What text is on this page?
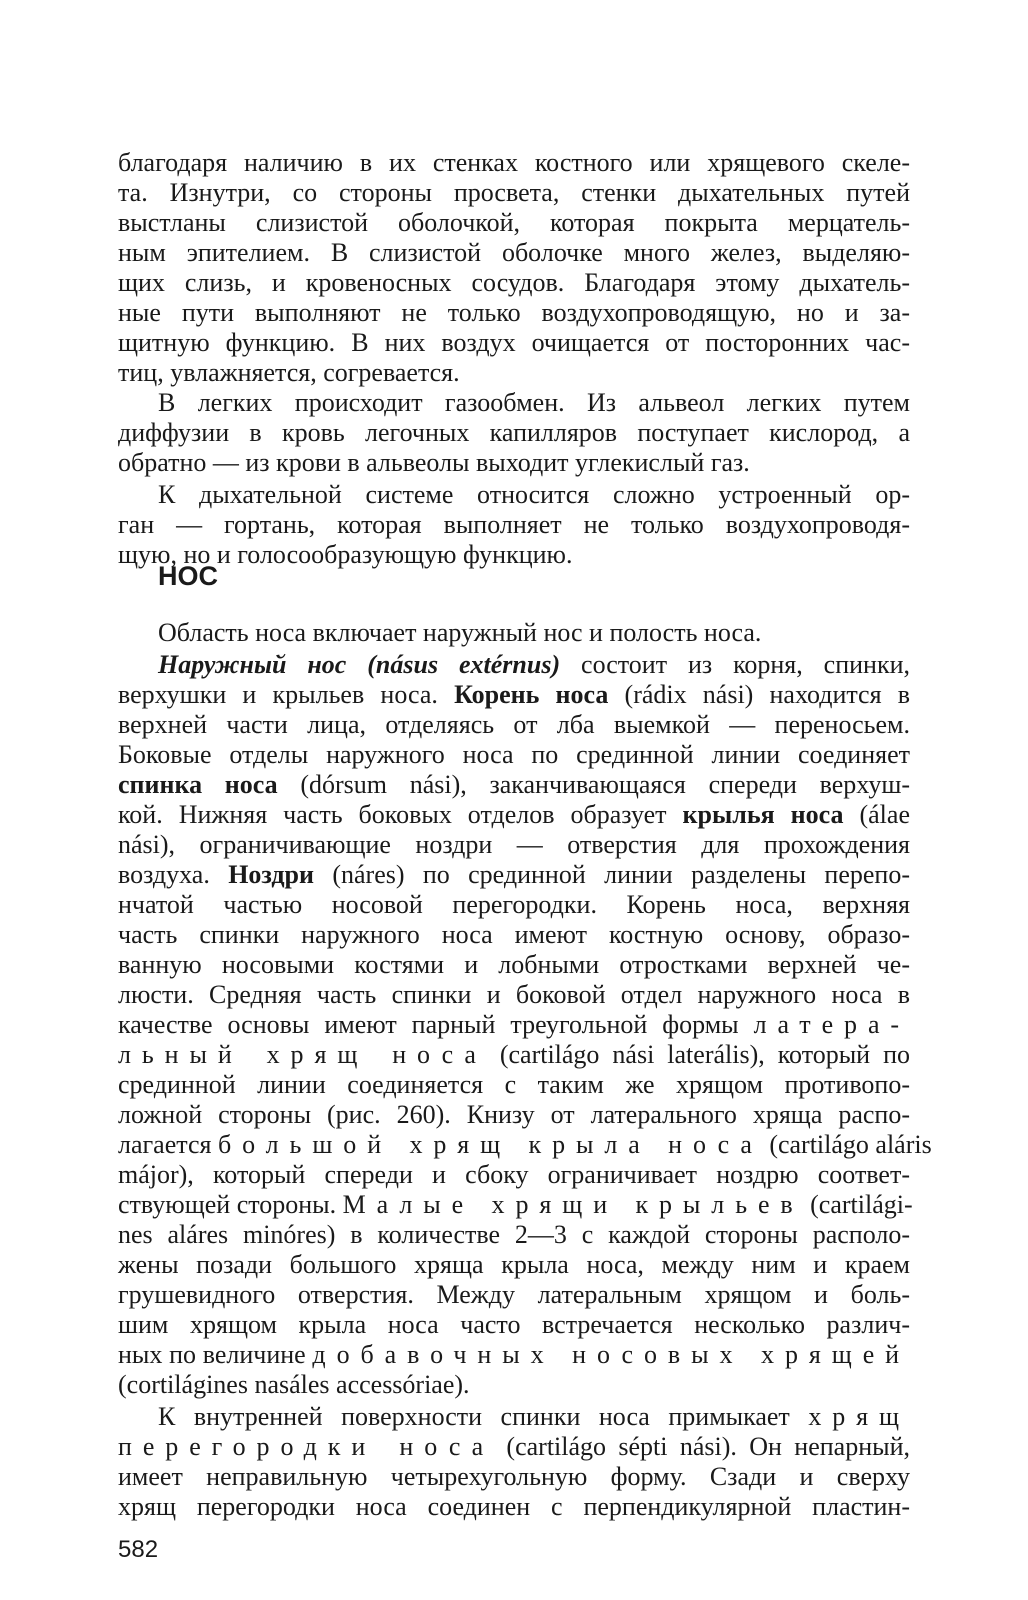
благодаря наличию в их стенках костного или хрящевого скеле-
та. Изнутри, со стороны просвета, стенки дыхательных путей
выстланы слизистой оболочкой, которая покрыта мерцатель-
ным эпителием. В слизистой оболочке много желез, выделяю-
щих слизь, и кровеносных сосудов. Благодаря этому дыхатель-
ные пути выполняют не только воздухопроводящую, но и за-
щитную функцию. В них воздух очищается от посторонних час-
тиц, увлажняется, согревается.
В легких происходит газообмен. Из альвеол легких путем
диффузии в кровь легочных капилляров поступает кислород, а
обратно — из крови в альвеолы выходит углекислый газ.
К дыхательной системе относится сложно устроенный ор-
ган — гортань, которая выполняет не только воздухопроводя-
щую, но и голосообразующую функцию.
НОС
Область носа включает наружный нос и полость носа.
Наружный нос (násus extérnus) состоит из корня, спинки,
верхушки и крыльев носа. Корень носа (rádix nási) находится в
верхней части лица, отделяясь от лба выемкой — переносьем.
Боковые отделы наружного носа по срединной линии соединяет
спинка носа (dórsum nási), заканчивающаяся спереди верхуш-
кой. Нижняя часть боковых отделов образует крылья носа (álae
nási), ограничивающие ноздри — отверстия для прохождения
воздуха. Ноздри (náres) по срединной линии разделены перепо-
нчатой частью носовой перегородки. Корень носа, верхняя
часть спинки наружного носа имеют костную основу, образо-
ванную носовыми костями и лобными отростками верхней че-
люсти. Средняя часть спинки и боковой отдел наружного носа в
качестве основы имеют парный треугольной формы латера-
льный хрящ носа (cartilágo nási laterális), который по
срединной линии соединяется с таким же хрящом противопо-
ложной стороны (рис. 260). Книзу от латерального хряща распо-
лагается большой хрящ крыла носа (cartilágo aláris
májor), который спереди и сбоку ограничивает ноздрю соответ-
ствующей стороны. Малые хрящи крыльев (cartilági-
nes aláres minóres) в количестве 2—3 с каждой стороны располо-
жены позади большого хряща крыла носа, между ним и краем
грушевидного отверстия. Между латеральным хрящом и боль-
шим хрящом крыла носа часто встречается несколько различ-
ных по величине добавочных носовых хрящей
(cortilágines nasáles accessóriae).
К внутренней поверхности спинки носа примыкает хрящ
перегородки носа (cartilágo sépti nási). Он непарный,
имеет неправильную четырехугольную форму. Сзади и сверху
582
хрящ перегородки носа соединен с перпендикулярной пластин-
